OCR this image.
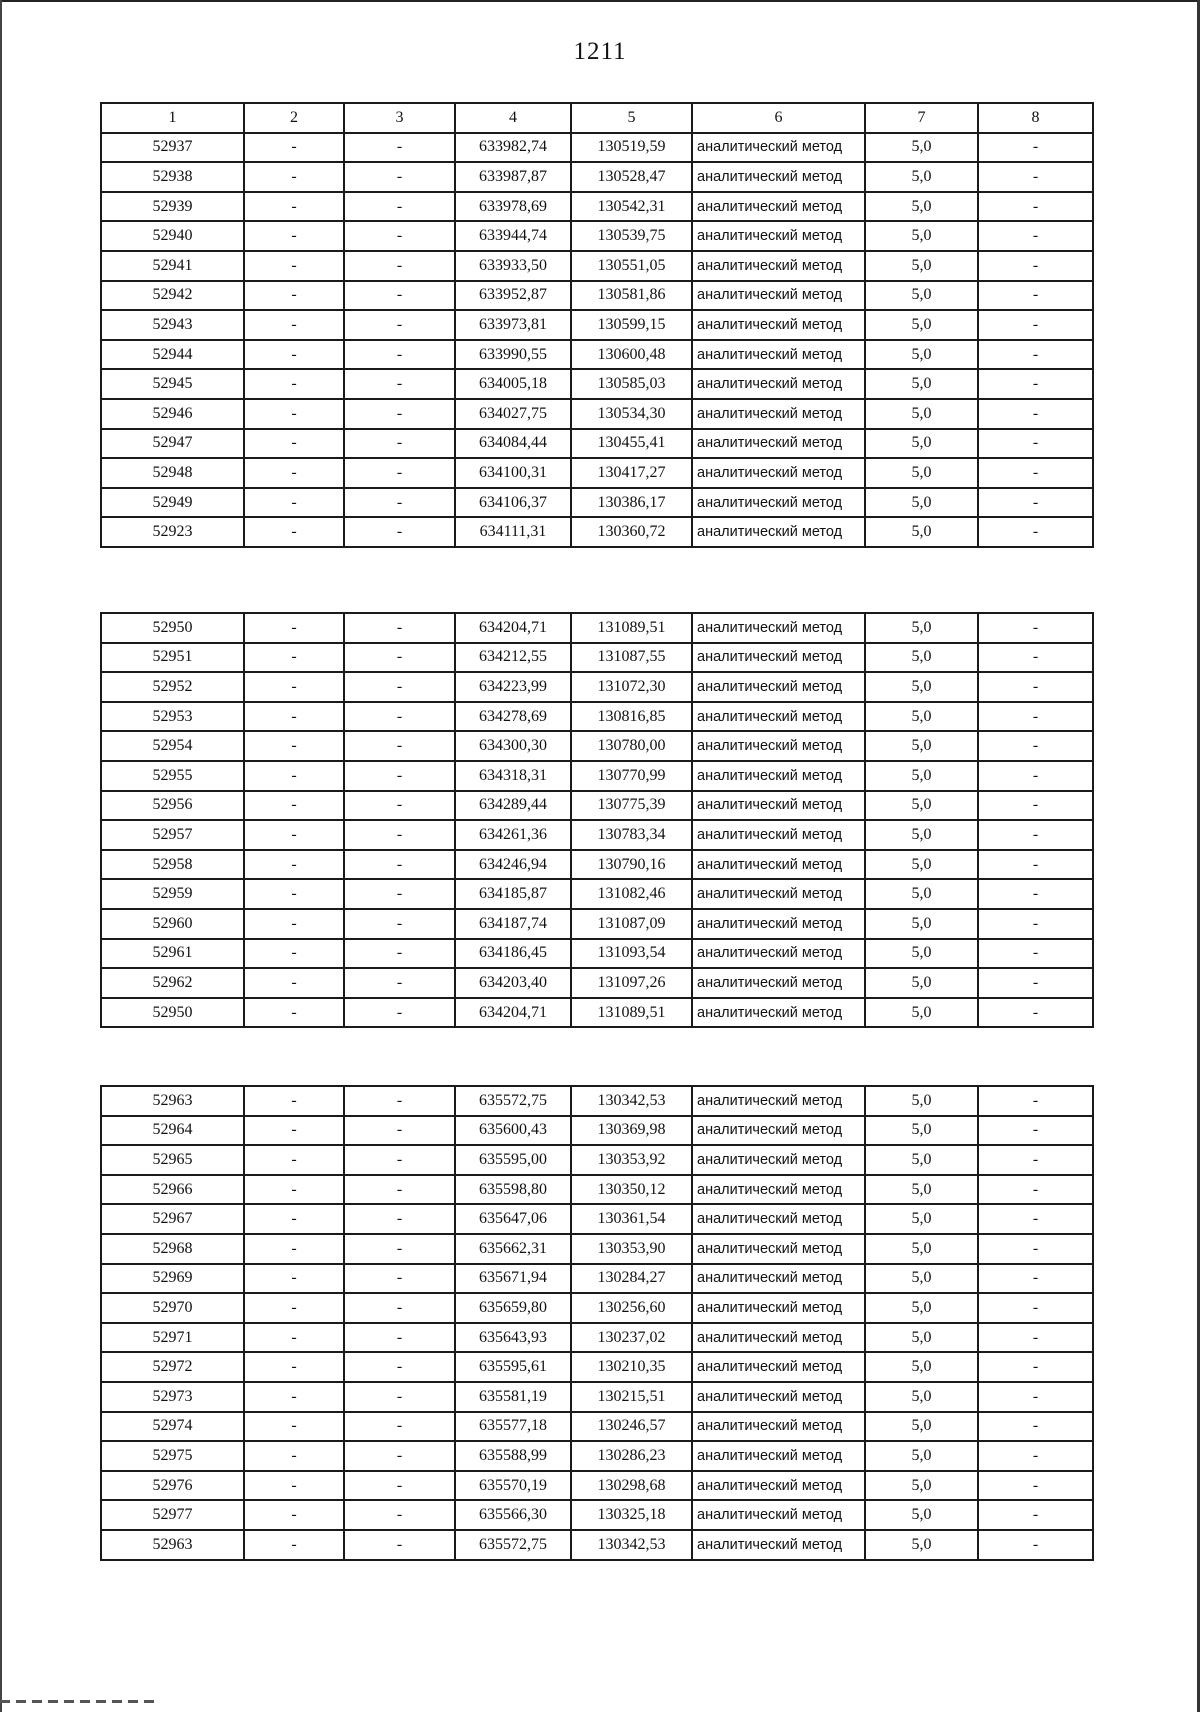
1211
1	2	3	4	5	6	7	8
52937	-	-	633982,74	130519,59	аналитический метод	5,0	-
52938	-	-	633987,87	130528,47	аналитический метод	5,0	-
52939	-	-	633978,69	130542,31	аналитический метод	5,0	-
52940	-	-	633944,74	130539,75	аналитический метод	5,0	-
52941	-	-	633933,50	130551,05	аналитический метод	5,0	-
52942	-	-	633952,87	130581,86	аналитический метод	5,0	-
52943	-	-	633973,81	130599,15	аналитический метод	5,0	-
52944	-	-	633990,55	130600,48	аналитический метод	5,0	-
52945	-	-	634005,18	130585,03	аналитический метод	5,0	-
52946	-	-	634027,75	130534,30	аналитический метод	5,0	-
52947	-	-	634084,44	130455,41	аналитический метод	5,0	-
52948	-	-	634100,31	130417,27	аналитический метод	5,0	-
52949	-	-	634106,37	130386,17	аналитический метод	5,0	-
52923	-	-	634111,31	130360,72	аналитический метод	5,0	-
52950	-	-	634204,71	131089,51	аналитический метод	5,0	-
52951	-	-	634212,55	131087,55	аналитический метод	5,0	-
52952	-	-	634223,99	131072,30	аналитический метод	5,0	-
52953	-	-	634278,69	130816,85	аналитический метод	5,0	-
52954	-	-	634300,30	130780,00	аналитический метод	5,0	-
52955	-	-	634318,31	130770,99	аналитический метод	5,0	-
52956	-	-	634289,44	130775,39	аналитический метод	5,0	-
52957	-	-	634261,36	130783,34	аналитический метод	5,0	-
52958	-	-	634246,94	130790,16	аналитический метод	5,0	-
52959	-	-	634185,87	131082,46	аналитический метод	5,0	-
52960	-	-	634187,74	131087,09	аналитический метод	5,0	-
52961	-	-	634186,45	131093,54	аналитический метод	5,0	-
52962	-	-	634203,40	131097,26	аналитический метод	5,0	-
52950	-	-	634204,71	131089,51	аналитический метод	5,0	-
52963	-	-	635572,75	130342,53	аналитический метод	5,0	-
52964	-	-	635600,43	130369,98	аналитический метод	5,0	-
52965	-	-	635595,00	130353,92	аналитический метод	5,0	-
52966	-	-	635598,80	130350,12	аналитический метод	5,0	-
52967	-	-	635647,06	130361,54	аналитический метод	5,0	-
52968	-	-	635662,31	130353,90	аналитический метод	5,0	-
52969	-	-	635671,94	130284,27	аналитический метод	5,0	-
52970	-	-	635659,80	130256,60	аналитический метод	5,0	-
52971	-	-	635643,93	130237,02	аналитический метод	5,0	-
52972	-	-	635595,61	130210,35	аналитический метод	5,0	-
52973	-	-	635581,19	130215,51	аналитический метод	5,0	-
52974	-	-	635577,18	130246,57	аналитический метод	5,0	-
52975	-	-	635588,99	130286,23	аналитический метод	5,0	-
52976	-	-	635570,19	130298,68	аналитический метод	5,0	-
52977	-	-	635566,30	130325,18	аналитический метод	5,0	-
52963	-	-	635572,75	130342,53	аналитический метод	5,0	-
